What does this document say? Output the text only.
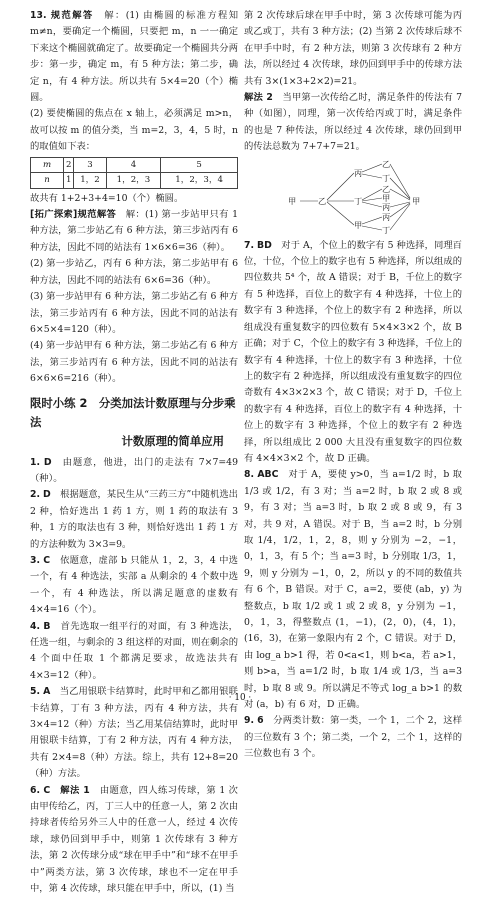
13. 规范解答　 解：(1) 由椭圆的标准方程知 m≠n，要确定一个椭圆，只要把 m，n 一一确定下来这个椭圆就确定了。故要确定一个椭圆共分两步：第一步，确定 m，有 5 种方法；第二步，确定 n，有 4 种方法。所以共有 5×4=20（个）椭圆。

(2) 要使椭圆的焦点在 x 轴上，必须满足 m>n，故可以按 m 的值分类，当 m=2，3，4，5 时，n 的取值如下表：

m	2	3	4	5
n	1	1，2	1，2，3	1，2，3，4

故共有 1+2+3+4=10（个）椭圆。

[拓广探索]规范解答　 解：(1) 第一步站甲只有 1 种方法，第二步站乙有 6 种方法，第三步站丙有 6 种方法，因此不同的站法有 1×6×6=36（种）。

(2) 第一步站乙，丙有 6 种方法，第二步站甲有 6 种方法，因此不同的站法有 6×6=36（种）。

(3) 第一步站甲有 6 种方法，第二步站乙有 6 种方法，第三步站丙有 6 种方法，因此不同的站法有 6×5×4=120（种）。

(4) 第一步站甲有 6 种方法，第二步站乙有 6 种方法，第三步站丙有 6 种方法，因此不同的站法有 6×6×6=216（种）。

限时小练 2　分类加法计数原理与分步乘法
计数原理的简单应用

1. D　 由题意，他进，出门的走法有 7×7=49（种）。

2. D　 根据题意，某民生从“三药三方”中随机选出 2 种，恰好选出 1 药 1 方，则 1 药的取法有 3 种，1 方的取法也有 3 种，则恰好选出 1 药 1 方的方法种数为 3×3=9。

3. C　 依题意，虚部 b 只能从 1，2，3，4 中选一个，有 4 种选法，实部 a 从剩余的 4 个数中选一个，有 4 种选法，所以满足题意的虚数有 4×4=16（个）。

4. B　 首先选取一组平行的对面，有 3 种选法，任选一组，与剩余的 3 组这样的对面，则在剩余的 4 个面中任取 1 个都满足要求，故选法共有 4×3=12（种）。

5. A　 当乙用银联卡结算时，此时甲和乙都用银联卡结算，丁有 3 种方法，丙有 4 种方法，共有 3×4=12（种）方法；当乙用某信结算时，此时甲用银联卡结算，丁有 2 种方法，丙有 4 种方法，共有 2×4=8（种）方法。综上，共有 12+8=20（种）方法。

6. C　 解法 1　 由题意，四人练习传球，第 1 次由甲传给乙，丙，丁三人中的任意一人，第 2 次由持球者传给另外三人中的任意一人，经过 4 次传球，球仍回到甲手中，则第 1 次传球有 3 种方法，第 2 次传球分成“球在甲手中”和“球不在甲手中”两类方法，第 3 次传球，球也不一定在甲手中，第 4 次传球，球只能在甲手中，所以，(1) 当

第 2 次传球后球在甲手中时，第 3 次传球可能为丙或乙或丁，共有 3 种方法；(2) 当第 2 次传球后球不在甲手中时，有 2 种方法，则第 3 次传球有 2 种方法，所以经过 4 次传球，球仍回到甲手中的传球方法共有 3×(1×3+2×2)=21。

解法 2　 当甲第一次传给乙时，满足条件的传法有 7 种（如图），同理，第一次传给丙或丁时，满足条件的也是 7 种传法，所以经过 4 次传球，球仍回到甲的传法总数为 7+7+7=21。

甲	乙
丙
丁
甲
乙
丁
乙
甲
丙
丙
丁
甲

7. BD　 对于 A，个位上的数字有 5 种选择，同理百位，十位，个位上的数字也有 5 种选择，所以组成的四位数共 5⁴ 个，故 A 错误；对于 B，千位上的数字有 5 种选择，百位上的数字有 4 种选择，十位上的数字有 3 种选择，个位上的数字有 2 种选择，所以组成没有重复数字的四位数有 5×4×3×2 个，故 B 正确；对于 C，个位上的数字有 3 种选择，千位上的数字有 4 种选择，十位上的数字有 3 种选择，十位上的数字有 2 种选择，所以组成没有重复数字的四位奇数有 4×3×2×3 个，故 C 错误；对于 D，千位上的数字有 4 种选择，百位上的数字有 4 种选择，十位上的数字有 3 种选择，个位上的数字有 2 种选择，所以组成比 2 000 大且没有重复数字的四位数有 4×4×3×2 个，故 D 正确。

8. ABC　 对于 A，要使 y>0，当 a=1/2 时，b 取 1/3 或 1/2，有 3 对；当 a=2 时，b 取 2 或 8 或 9，有 3 对；当 a=3 时，b 取 2 或 8 或 9，有 3 对，共 9 对，A 错误。对于 B，当 a=2 时，b 分别取 1/4，1/2，1，2，8，则 y 分别为 −2，−1，0，1，3，有 5 个；当 a=3 时，b 分别取 1/3，1，9，则 y 分别为 −1，0，2，所以 y 的不同的数值共有 6 个，B 错误。对于 C，a=2，要使 (ab，y) 为整数点，b 取 1/2 或 1 或 2 或 8，y 分别为 −1，0，1，3，得整数点 (1，−1)，(2，0)，(4，1)，(16，3)，在第一象限内有 2 个，C 错误。对于 D，由 log_a b>1 得，若 0<a<1，则 b<a，若 a>1，则 b>a，当 a=1/2 时，b 取 1/4 或 1/3，当 a=3 时，b 取 8 或 9。所以满足不等式 log_a b>1 的数对 (a，b) 有 6 对，D 正确。

9. 6　 分两类计数：第一类，一个 1，二个 2，这样的三位数有 3 个；第二类，一个 2，二个 1，这样的三位数也有 3 个。

· 10 ·
